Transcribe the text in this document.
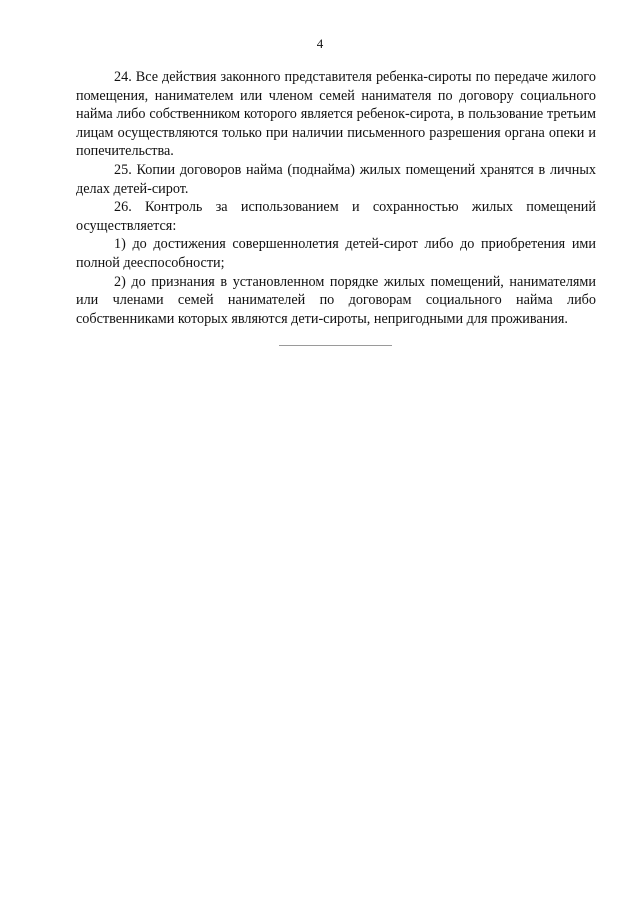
4

24. Все действия законного представителя ребенка-сироты по передаче жилого помещения, нанимателем или членом семей нанимателя по договору социального найма либо собственником которого является ребенок-сирота, в пользование третьим лицам осуществляются только при наличии письменного разрешения органа опеки и попечительства.

25. Копии договоров найма (поднайма) жилых помещений хранятся в личных делах детей-сирот.

26. Контроль за использованием и сохранностью жилых помещений осуществляется:

1) до достижения совершеннолетия детей-сирот либо до приобретения ими полной дееспособности;

2) до признания в установленном порядке жилых помещений, нанимателями или членами семей нанимателей по договорам социального найма либо собственниками которых являются дети-сироты, непригодными для проживания.
